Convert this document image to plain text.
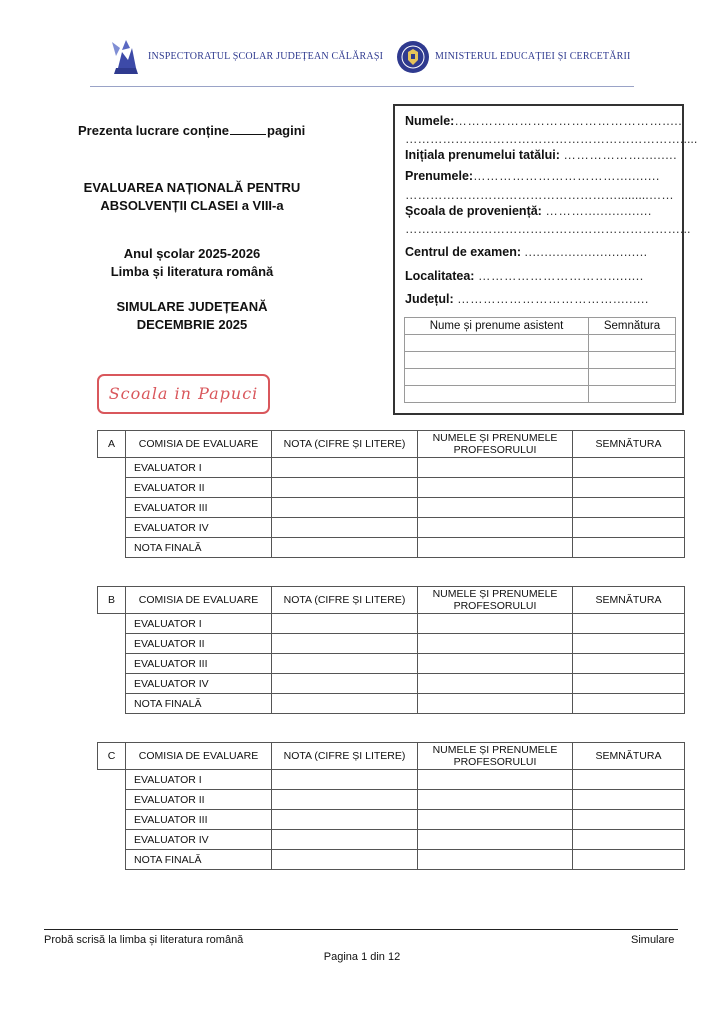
INSPECTORATUL ȘCOLAR JUDEȚEAN CĂLĂRAȘI	MINISTERUL EDUCAȚIEI ȘI CERCETĂRII
Prezenta lucrare conține	pagini
EVALUAREA NAȚIONALĂ PENTRU
ABSOLVENȚII CLASEI a VIII-a
Anul școlar 2025-2026
Limba și literatura română
SIMULARE JUDEȚEANĂ
DECEMBRIE 2025
Scoala in Papuci
Numele:………………………………………….....
………………………………………………………….....
Inițiala prenumelui tatălui: ……………….........
Prenumele:……………………………...........
…………………………………………….........……
Școala de proveniență: ……….................
…………………………………………………………...
Centrul de examen: ...............................
Localitatea: ………………………….........
Județul: ……………………………….........
Nume și prenume asistent	Semnătura

A	COMISIA DE EVALUARE	NOTA (CIFRE ȘI LITERE)	NUMELE ȘI PRENUMELE
PROFESORULUI	SEMNĂTURA
	EVALUATOR I			
	EVALUATOR II			
	EVALUATOR III			
	EVALUATOR IV			
	NOTA FINALĂ			
B	COMISIA DE EVALUARE	NOTA (CIFRE ȘI LITERE)	NUMELE ȘI PRENUMELE
PROFESORULUI	SEMNĂTURA
	EVALUATOR I			
	EVALUATOR II			
	EVALUATOR III			
	EVALUATOR IV			
	NOTA FINALĂ			
C	COMISIA DE EVALUARE	NOTA (CIFRE ȘI LITERE)	NUMELE ȘI PRENUMELE
PROFESORULUI	SEMNĂTURA
	EVALUATOR I			
	EVALUATOR II			
	EVALUATOR III			
	EVALUATOR IV			
	NOTA FINALĂ			
Probă scrisă la limba și literatura română	Simulare
Pagina 1 din 12
